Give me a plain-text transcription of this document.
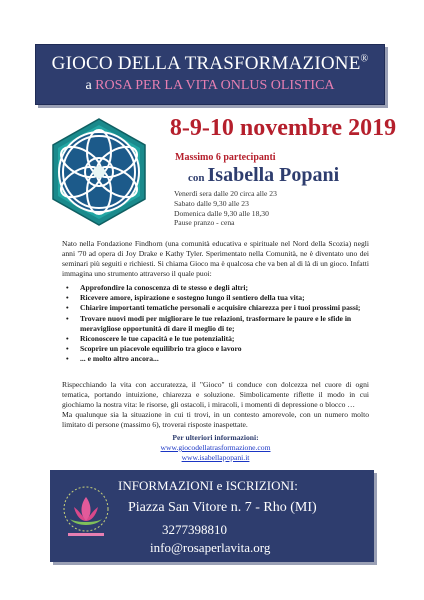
GIOCO DELLA TRASFORMAZIONE®
a ROSA PER LA VITA ONLUS OLISTICA
8-9-10 novembre 2019
Massimo 6 partecipanti
con Isabella Popani
Venerdì sera dalle 20 circa alle 23
Sabato dalle 9,30 alle 23
Domenica dalle 9,30 alle 18,30
Pause pranzo - cena
Nato nella Fondazione Findhorn (una comunità educativa e spirituale nel Nord della Scozia) negli anni '70 ad opera di Joy Drake e Kathy Tyler. Sperimentato nella Comunità, ne è diventato uno dei seminari più seguiti e richiesti. Si chiama Gioco ma è qualcosa che va ben al di là di un gioco. Infatti immagina uno strumento attraverso il quale puoi:
• Approfondire la conoscenza di te stesso e degli altri;
• Ricevere amore, ispirazione e sostegno lungo il sentiero della tua vita;
• Chiarire importanti tematiche personali e acquisire chiarezza per i tuoi prossimi passi;
• Trovare nuovi modi per migliorare le tue relazioni, trasformare le paure e le sfide in meravigliose opportunità di dare il meglio di te;
• Riconoscere le tue capacità e le tue potenzialità;
• Scoprire un piacevole equilibrio tra gioco e lavoro
• ... e molto altro ancora...
Rispecchiando la vita con accuratezza, il "Gioco" ti conduce con dolcezza nel cuore di ogni tematica, portando intuizione, chiarezza e soluzione. Simbolicamente riflette il modo in cui giochiamo la nostra vita: le risorse, gli ostacoli, i miracoli, i momenti di depressione o blocco …
Ma qualunque sia la situazione in cui ti trovi, in un contesto amorevole, con un numero molto limitato di persone (massimo 6), troverai risposte inaspettate.
Per ulteriori informazioni:
www.giocodellatrasformazione.com
www.isabellapopani.it
INFORMAZIONI e ISCRIZIONI:
Piazza San Vitore n. 7 - Rho (MI)
3277398810
info@rosaperlavita.org
